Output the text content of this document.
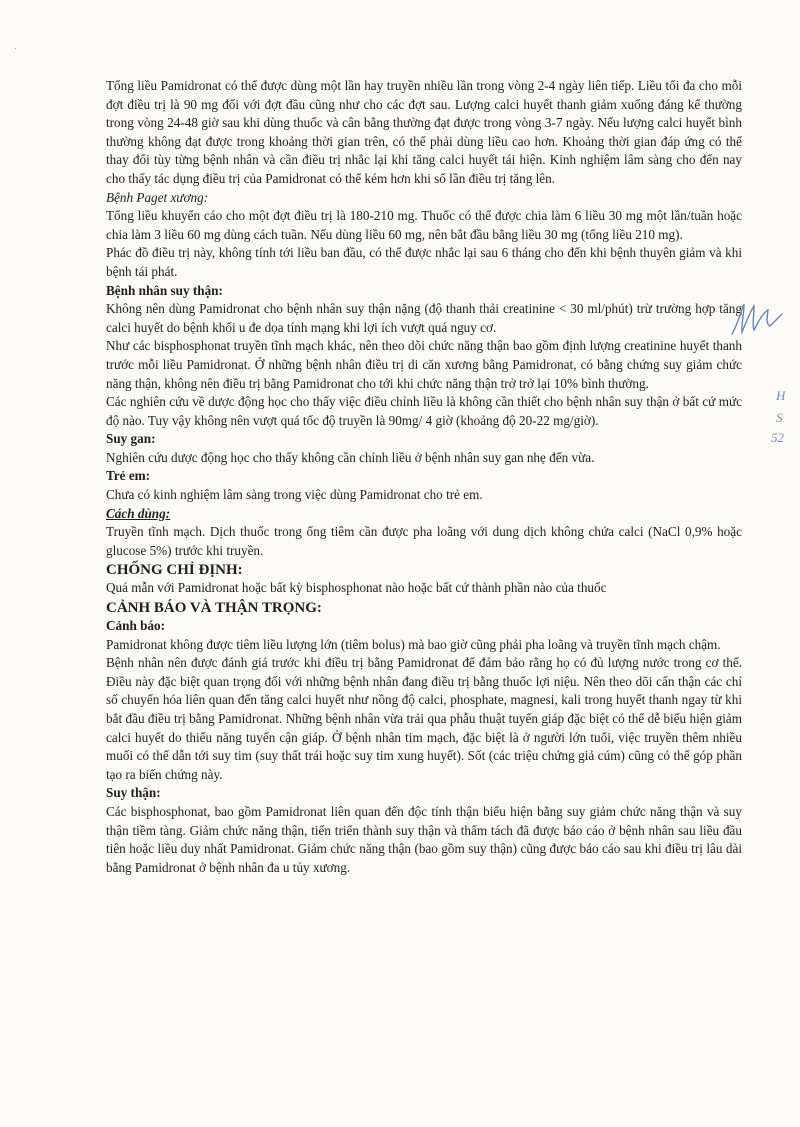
Tổng liều Pamidronat có thể được dùng một lần hay truyền nhiều lần trong vòng 2-4 ngày liên tiếp. Liều tối đa cho mỗi đợt điều trị là 90 mg đối với đợt đầu cũng như cho các đợt sau. Lượng calci huyết thanh giảm xuống đáng kể thường trong vòng 24-48 giờ sau khi dùng thuốc và cân bằng thường đạt được trong vòng 3-7 ngày. Nếu lượng calci huyết bình thường không đạt được trong khoảng thời gian trên, có thể phải dùng liều cao hơn. Khoảng thời gian đáp ứng có thể thay đổi tùy từng bệnh nhân và cần điều trị nhắc lại khi tăng calci huyết tái hiện. Kinh nghiệm lâm sàng cho đến nay cho thấy tác dụng điều trị của Pamidronat có thể kém hơn khi số lần điều trị tăng lên.

Bệnh Paget xương:

Tổng liều khuyến cáo cho một đợt điều trị là 180-210 mg. Thuốc có thể được chia làm 6 liều 30 mg một lần/tuần hoặc chia làm 3 liều 60 mg dùng cách tuần. Nếu dùng liều 60 mg, nên bắt đầu bằng liều 30 mg (tổng liều 210 mg).

Phác đồ điều trị này, không tính tới liều ban đầu, có thể được nhắc lại sau 6 tháng cho đến khi bệnh thuyên giảm và khi bệnh tái phát.

Bệnh nhân suy thận:

Không nên dùng Pamidronat cho bệnh nhân suy thận nặng (độ thanh thải creatinine < 30 ml/phút) trừ trường hợp tăng calci huyết do bệnh khối u đe dọa tính mạng khi lợi ích vượt quá nguy cơ.

Như các bisphosphonat truyền tĩnh mạch khác, nên theo dõi chức năng thận bao gồm định lượng creatinine huyết thanh trước mỗi liều Pamidronat. Ở những bệnh nhân điều trị di căn xương bằng Pamidronat, có bằng chứng suy giảm chức năng thận, không nên điều trị bằng Pamidronat cho tới khi chức năng thận trở trở lại 10% bình thường.

Các nghiên cứu về dược động học cho thấy việc điều chỉnh liều là không cần thiết cho bệnh nhân suy thận ở bất cứ mức độ nào. Tuy vậy không nên vượt quá tốc độ truyền là 90mg/ 4 giờ (khoảng độ 20-22 mg/giờ).

Suy gan:

Nghiên cứu dược động học cho thấy không cần chỉnh liều ở bệnh nhân suy gan nhẹ đến vừa.

Trẻ em:

Chưa có kinh nghiệm lâm sàng trong việc dùng Pamidronat cho trẻ em.

Cách dùng:

Truyền tĩnh mạch. Dịch thuốc trong ống tiêm cần được pha loãng với dung dịch không chứa calci (NaCl 0,9% hoặc glucose 5%) trước khi truyền.

CHỐNG CHỈ ĐỊNH:

Quá mẫn với Pamidronat hoặc bất kỳ bisphosphonat nào hoặc bất cứ thành phần nào của thuốc

CẢNH BÁO VÀ THẬN TRỌNG:

Cảnh báo:

Pamidronat không được tiêm liều lượng lớn (tiêm bolus) mà bao giờ cũng phải pha loãng và truyền tĩnh mạch chậm.

Bệnh nhân nên được đánh giá trước khi điều trị bằng Pamidronat để đảm bảo rằng họ có đủ lượng nước trong cơ thể. Điều này đặc biệt quan trọng đối với những bệnh nhân đang điều trị bằng thuốc lợi niệu. Nên theo dõi cẩn thận các chỉ số chuyển hóa liên quan đến tăng calci huyết như nồng độ calci, phosphate, magnesi, kali trong huyết thanh ngay từ khi bắt đầu điều trị bằng Pamidronat. Những bệnh nhân vừa trải qua phẫu thuật tuyến giáp đặc biệt có thể dễ biểu hiện giảm calci huyết do thiểu năng tuyến cận giáp. Ở bệnh nhân tim mạch, đặc biệt là ở người lớn tuổi, việc truyền thêm nhiều muối có thể dẫn tới suy tim (suy thất trái hoặc suy tim xung huyết). Sốt (các triệu chứng giả cúm) cũng có thể góp phần tạo ra biến chứng này.

Suy thận:

Các bisphosphonat, bao gồm Pamidronat liên quan đến độc tính thận biểu hiện bằng suy giảm chức năng thận và suy thận tiềm tàng. Giảm chức năng thận, tiến triển thành suy thận và thẩm tách đã được báo cáo ở bệnh nhân sau liều đầu tiên hoặc liều duy nhất Pamidronat. Giảm chức năng thận (bao gồm suy thận) cũng được báo cáo sau khi điều trị lâu dài bằng Pamidronat ở bệnh nhân đa u tủy xương.

H
S
52
·
